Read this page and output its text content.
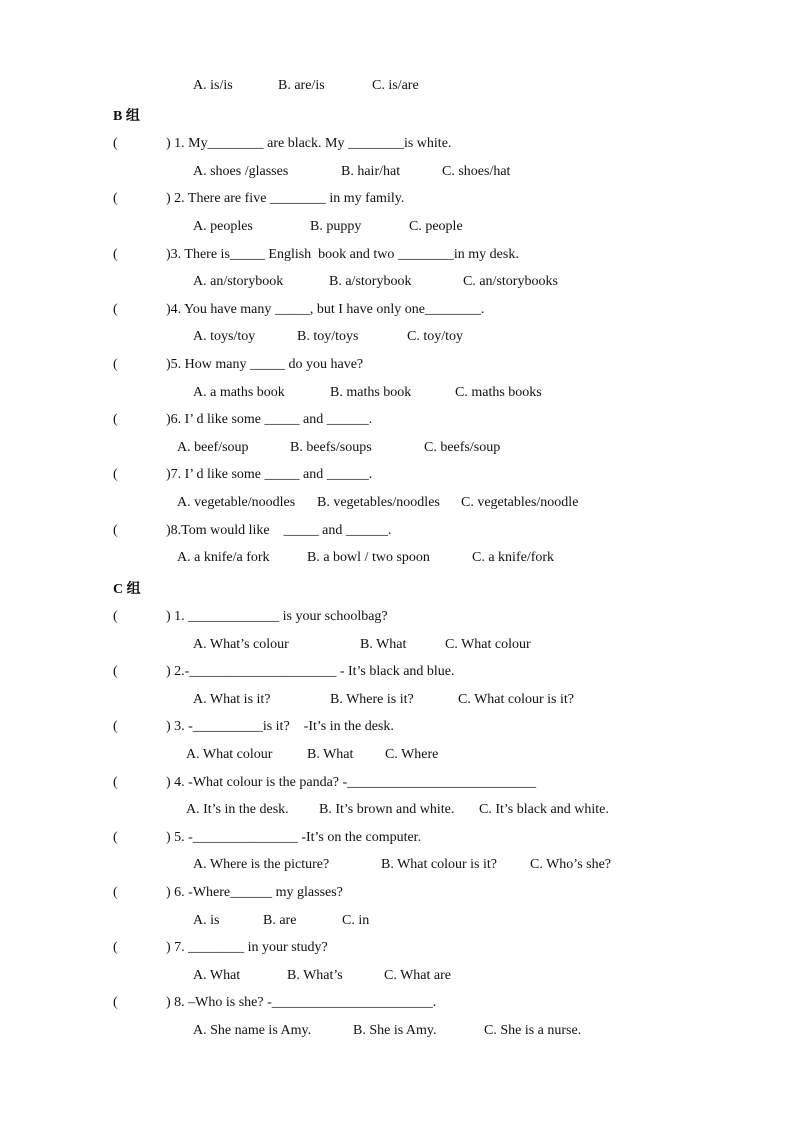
A. is/is	B. are/is	C. is/are
B 组
(	) 1. My________ are black. My ________is white.
A. shoes /glasses	B. hair/hat	C. shoes/hat
(	) 2. There are five ________ in my family.
A. peoples	B. puppy	C. people
(	)3. There is_____ English  book and two ________in my desk.
A. an/storybook	B. a/storybook	C. an/storybooks
(	)4. You have many _____, but I have only one________.
A. toys/toy	B. toy/toys	C. toy/toy
(	)5. How many _____ do you have?
A. a maths book	B. maths book	C. maths books
(	)6. I’ d like some _____ and ______.
A. beef/soup	B. beefs/soups	C. beefs/soup
(	)7. I’ d like some _____ and ______.
A. vegetable/noodles B. vegetables/noodles C. vegetables/noodle
(	)8.Tom would like    _____ and ______.
A. a knife/a fork	B. a bowl / two spoon	C. a knife/fork
C 组
(	) 1. _____________ is your schoolbag?
A. What’s colour	B. What	C. What colour
(	) 2.-_____________________ - It’s black and blue.
A. What is it?	B. Where is it?	C. What colour is it?
(	) 3. -__________is it?    -It’s in the desk.
A. What colour B. What C. Where
(	) 4. -What colour is the panda? -___________________________
A. It’s in the desk. B. It’s brown and white. C. It’s black and white.
(	) 5. -_______________ -It’s on the computer.
A. Where is the picture?	B. What colour is it? C. Who’s she?
(	) 6. -Where______ my glasses?
A. is	B. are	C. in
(	) 7. ________ in your study?
A. What	B. What’s	C. What are
(	) 8. –Who is she? -_______________________.
A. She name is Amy.	B. She is Amy.	C. She is a nurse.
